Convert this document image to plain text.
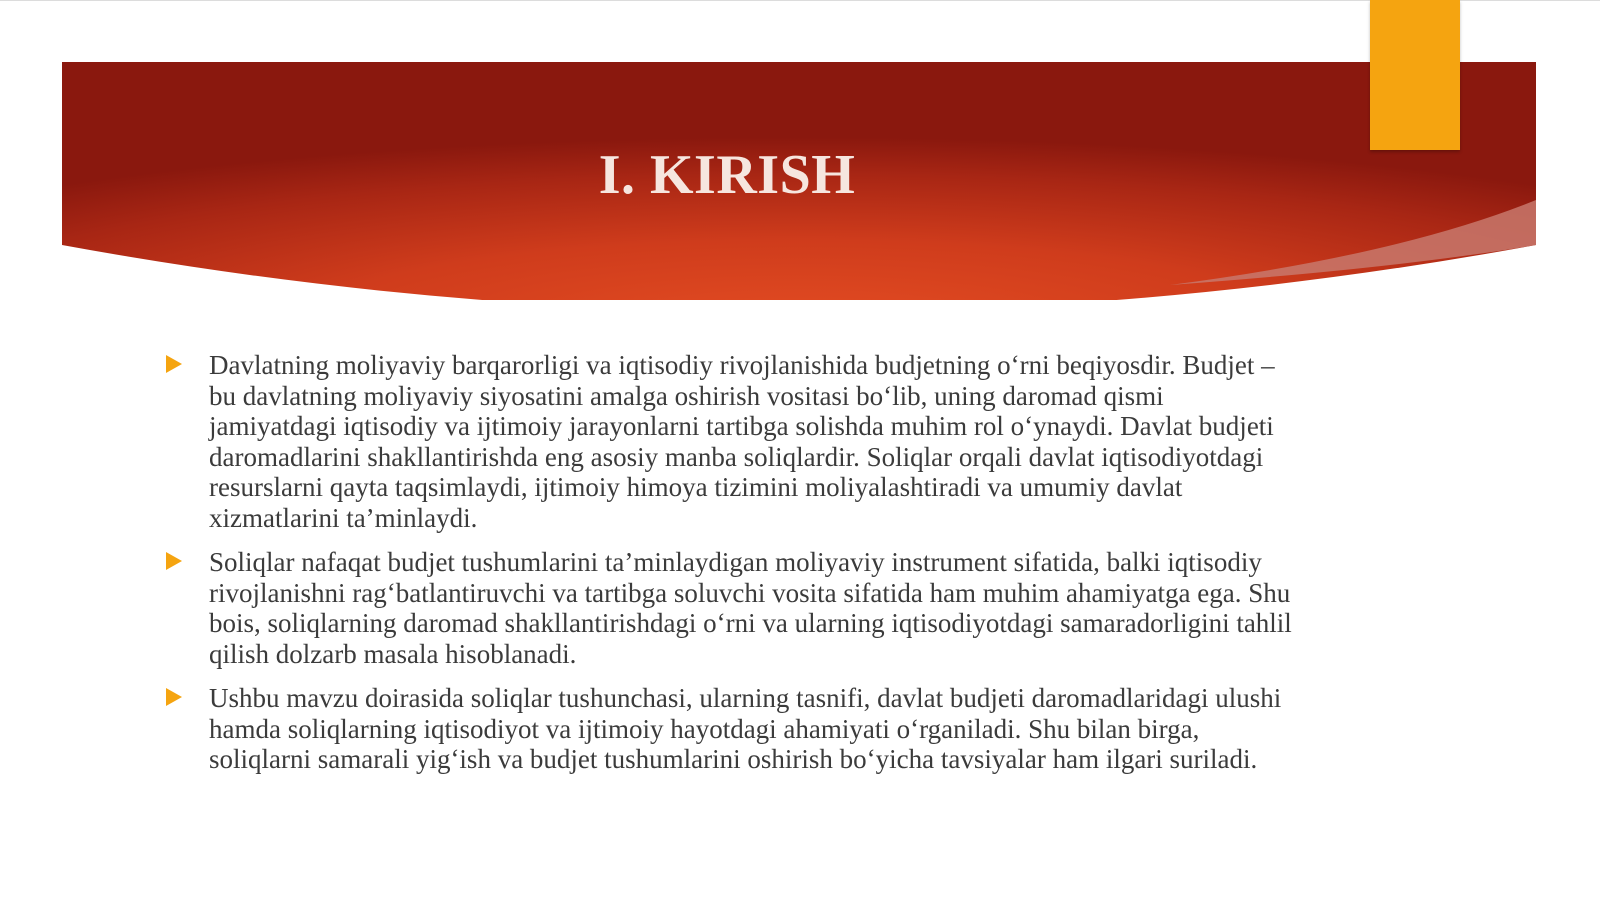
I. KIRISH
Davlatning moliyaviy barqarorligi va iqtisodiy rivojlanishida budjetning o‘rni beqiyosdir. Budjet – bu davlatning moliyaviy siyosatini amalga oshirish vositasi bo‘lib, uning daromad qismi jamiyatdagi iqtisodiy va ijtimoiy jarayonlarni tartibga solishda muhim rol o‘ynaydi. Davlat budjeti daromadlarini shakllantirishda eng asosiy manba soliqlardir. Soliqlar orqali davlat iqtisodiyotdagi resurslarni qayta taqsimlaydi, ijtimoiy himoya tizimini moliyalashtiradi va umumiy davlat xizmatlarini ta’minlaydi.
Soliqlar nafaqat budjet tushumlarini ta’minlaydigan moliyaviy instrument sifatida, balki iqtisodiy rivojlanishni rag‘batlantiruvchi va tartibga soluvchi vosita sifatida ham muhim ahamiyatga ega. Shu bois, soliqlarning daromad shakllantirishdagi o‘rni va ularning iqtisodiyotdagi samaradorligini tahlil qilish dolzarb masala hisoblanadi.
Ushbu mavzu doirasida soliqlar tushunchasi, ularning tasnifi, davlat budjeti daromadlaridagi ulushi hamda soliqlarning iqtisodiyot va ijtimoiy hayotdagi ahamiyati o‘rganiladi. Shu bilan birga, soliqlarni samarali yig‘ish va budjet tushumlarini oshirish bo‘yicha tavsiyalar ham ilgari suriladi.
